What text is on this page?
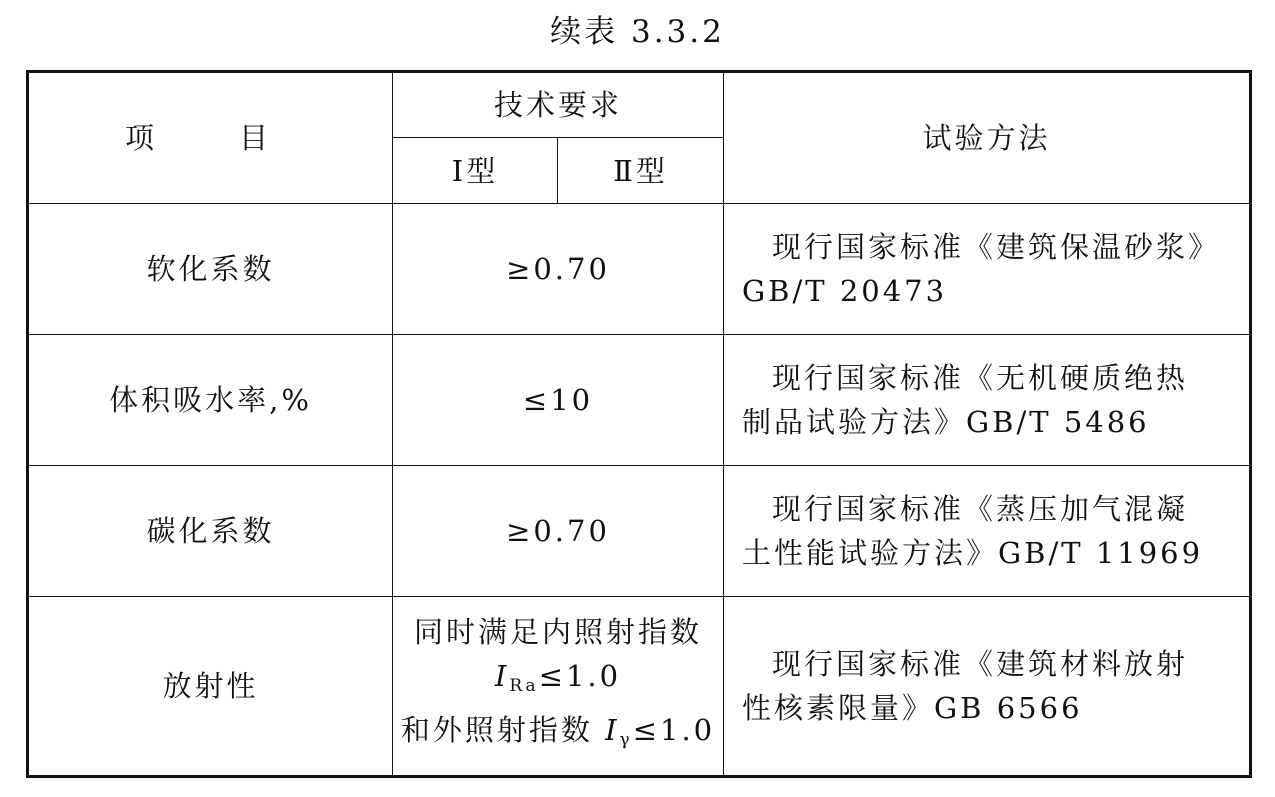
续表 3.3.2
项　目	技术要求		试验方法
	Ⅰ型	Ⅱ型	
软化系数	≥0.70		现行国家标准《建筑保温砂浆》
GB/T 20473
体积吸水率,%	≤10		现行国家标准《无机硬质绝热
制品试验方法》GB/T 5486
碳化系数	≥0.70		现行国家标准《蒸压加气混凝
土性能试验方法》GB/T 11969
放射性	同时满足内照射指数
$I_{Ra}\le 1.0$
和外照射指数 $I_\gamma\le 1.0$		现行国家标准《建筑材料放射
性核素限量》GB 6566
